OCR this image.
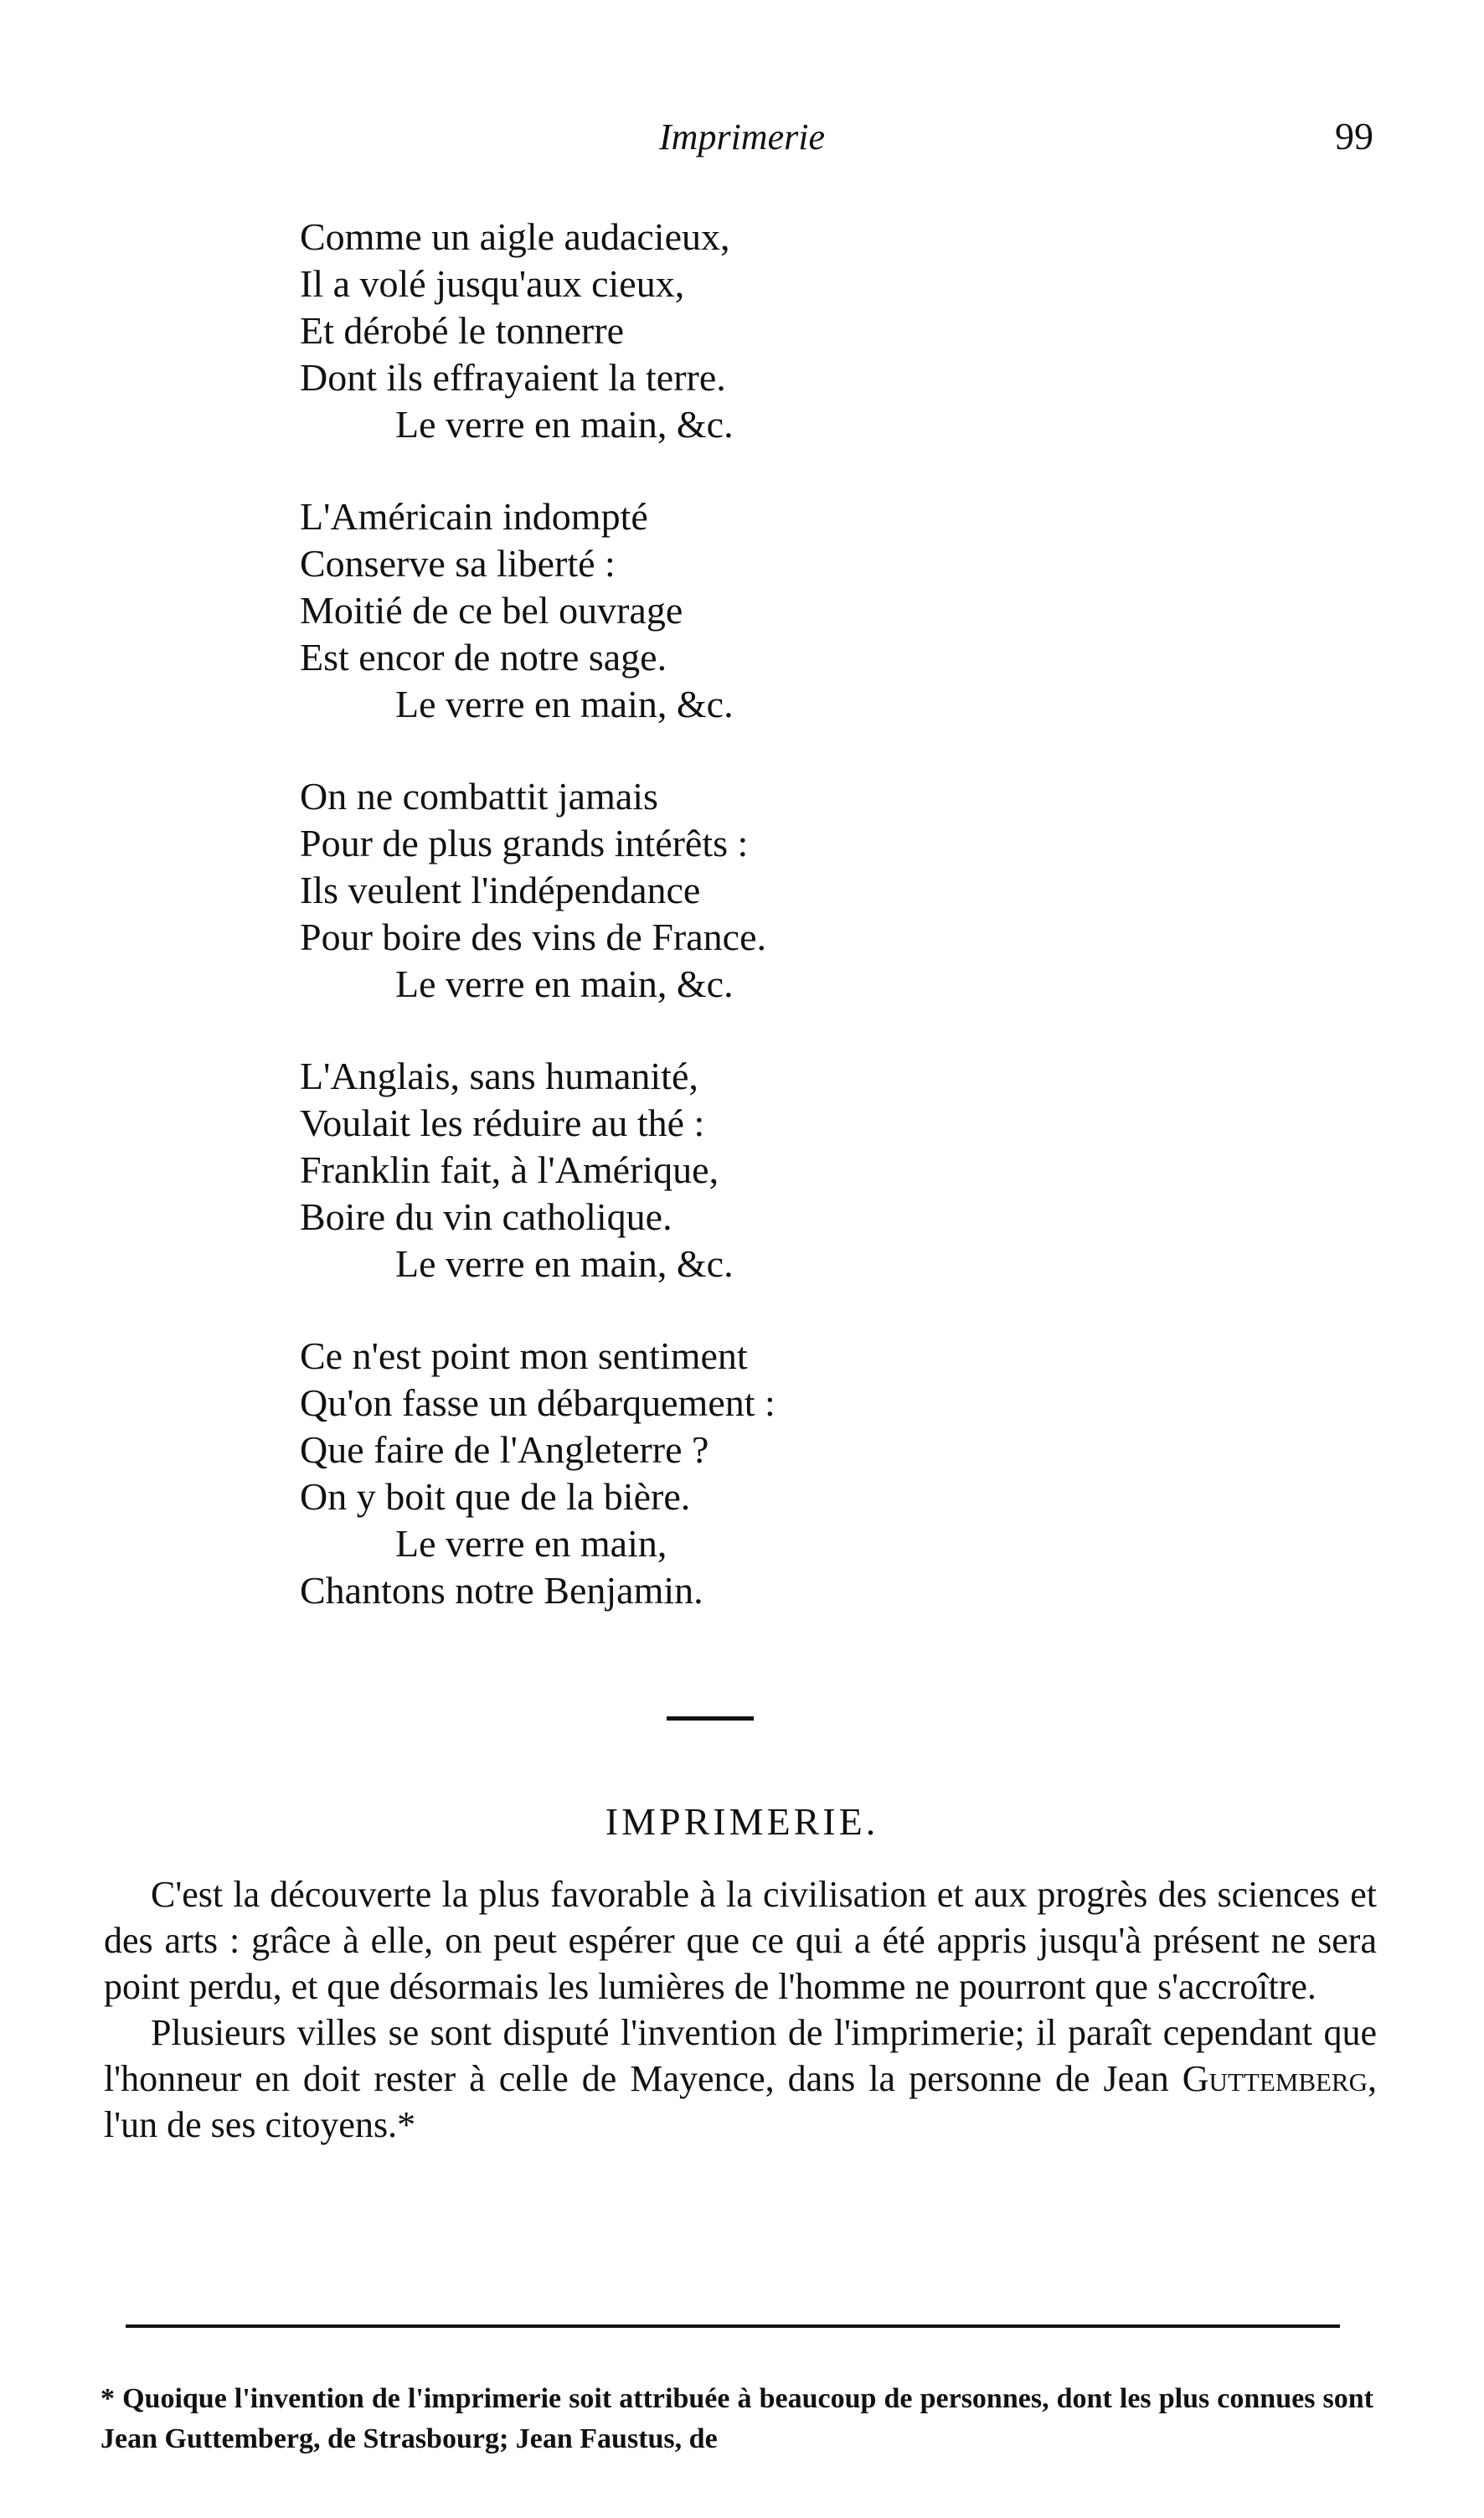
Imprimerie	99
Comme un aigle audacieux,
Il a volé jusqu'aux cieux,
Et dérobé le tonnerre
Dont ils effrayaient la terre.
Le verre en main, &c.
L'Américain indompté
Conserve sa liberté :
Moitié de ce bel ouvrage
Est encor de notre sage.
Le verre en main, &c.
On ne combattit jamais
Pour de plus grands intérêts :
Ils veulent l'indépendance
Pour boire des vins de France.
Le verre en main, &c.
L'Anglais, sans humanité,
Voulait les réduire au thé :
Franklin fait, à l'Amérique,
Boire du vin catholique.
Le verre en main, &c.
Ce n'est point mon sentiment
Qu'on fasse un débarquement :
Que faire de l'Angleterre ?
On y boit que de la bière.
Le verre en main,
Chantons notre Benjamin.
IMPRIMERIE.

C'est la découverte la plus favorable à la civilisation et aux progrès des sciences et des arts : grâce à elle, on peut espérer que ce qui a été appris jusqu'à présent ne sera point perdu, et que désormais les lumières de l'homme ne pourront que s'accroître.

Plusieurs villes se sont disputé l'invention de l'imprimerie; il paraît cependant que l'honneur en doit rester à celle de Mayence, dans la personne de Jean Guttemberg, l'un de ses citoyens.*

* Quoique l'invention de l'imprimerie soit attribuée à beaucoup de personnes, dont les plus connues sont Jean Guttemberg, de Strasbourg; Jean Faustus, de
